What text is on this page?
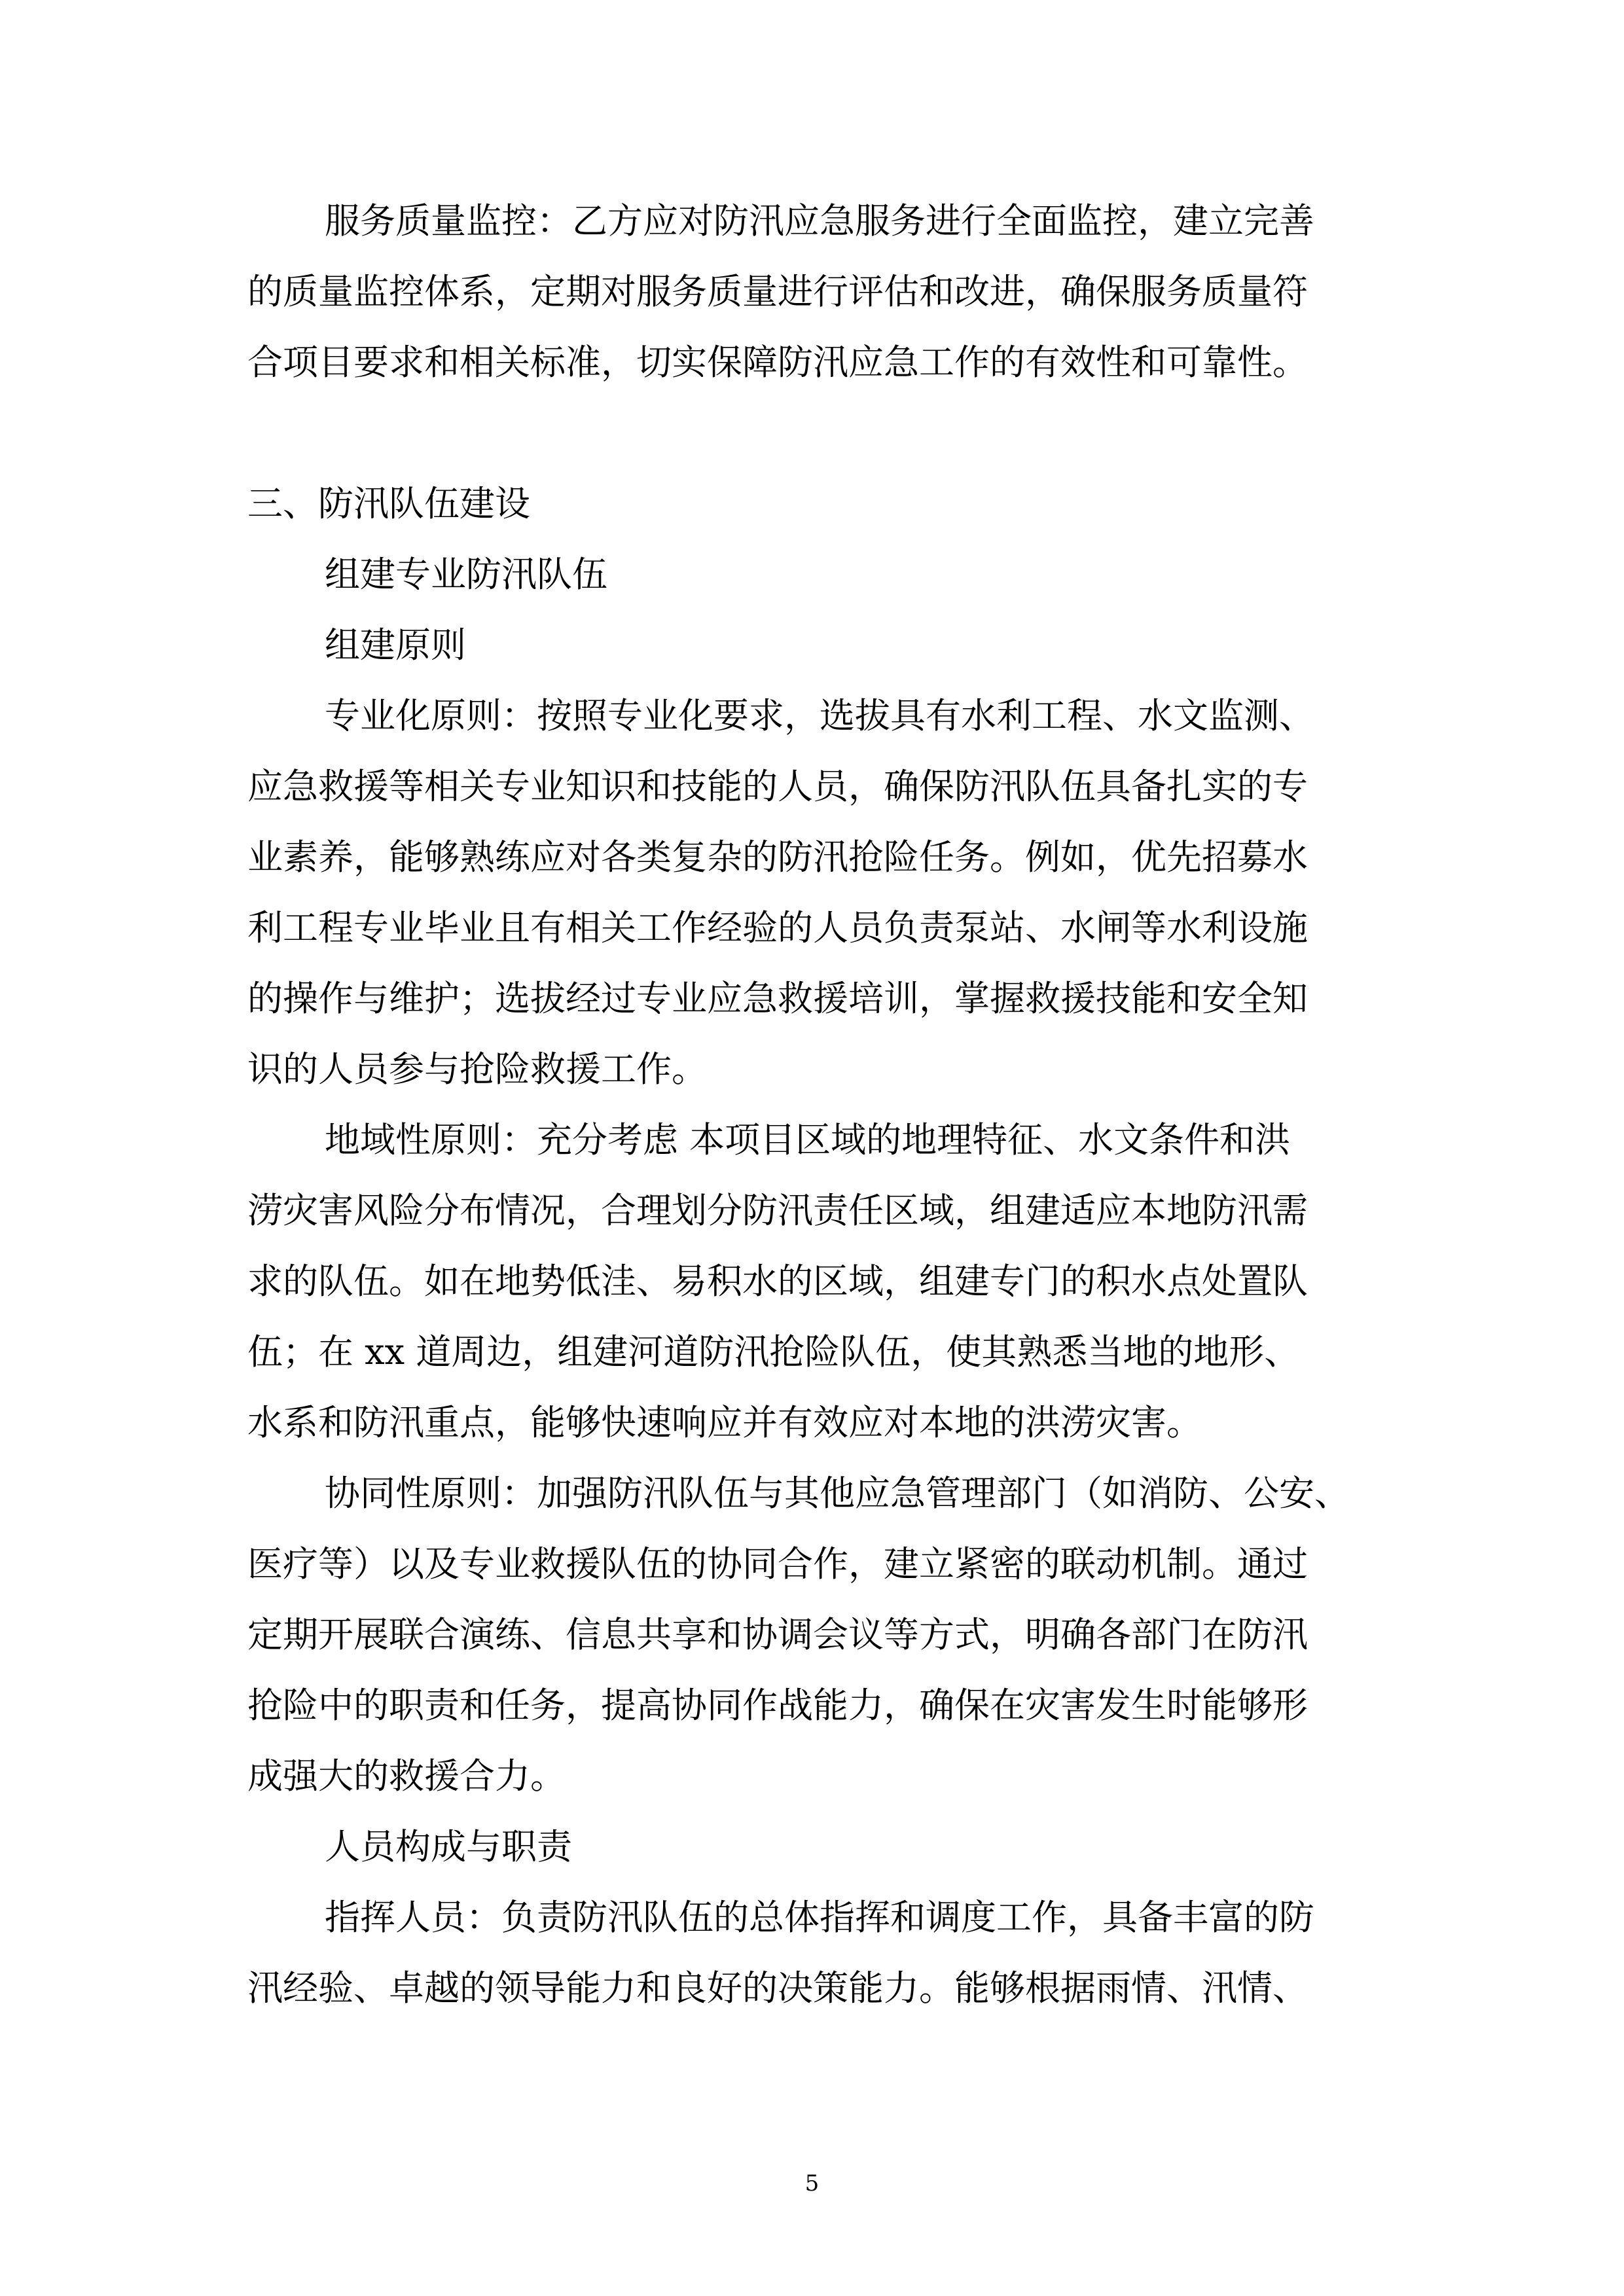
服务质量监控：乙方应对防汛应急服务进行全面监控，建立完善
的质量监控体系，定期对服务质量进行评估和改进，确保服务质量符
合项目要求和相关标准，切实保障防汛应急工作的有效性和可靠性。
三、防汛队伍建设
组建专业防汛队伍
组建原则
专业化原则：按照专业化要求，选拔具有水利工程、水文监测、
应急救援等相关专业知识和技能的人员，确保防汛队伍具备扎实的专
业素养，能够熟练应对各类复杂的防汛抢险任务。例如，优先招募水
利工程专业毕业且有相关工作经验的人员负责泵站、水闸等水利设施
的操作与维护；选拔经过专业应急救援培训，掌握救援技能和安全知
识的人员参与抢险救援工作。
地域性原则：充分考虑 本项目区域的地理特征、水文条件和洪
涝灾害风险分布情况，合理划分防汛责任区域，组建适应本地防汛需
求的队伍。如在地势低洼、易积水的区域，组建专门的积水点处置队
伍；在 xx 道周边，组建河道防汛抢险队伍，使其熟悉当地的地形、
水系和防汛重点，能够快速响应并有效应对本地的洪涝灾害。
协同性原则：加强防汛队伍与其他应急管理部门（如消防、公安、
医疗等）以及专业救援队伍的协同合作，建立紧密的联动机制。通过
定期开展联合演练、信息共享和协调会议等方式，明确各部门在防汛
抢险中的职责和任务，提高协同作战能力，确保在灾害发生时能够形
成强大的救援合力。
人员构成与职责
指挥人员：负责防汛队伍的总体指挥和调度工作，具备丰富的防
汛经验、卓越的领导能力和良好的决策能力。能够根据雨情、汛情、
5
